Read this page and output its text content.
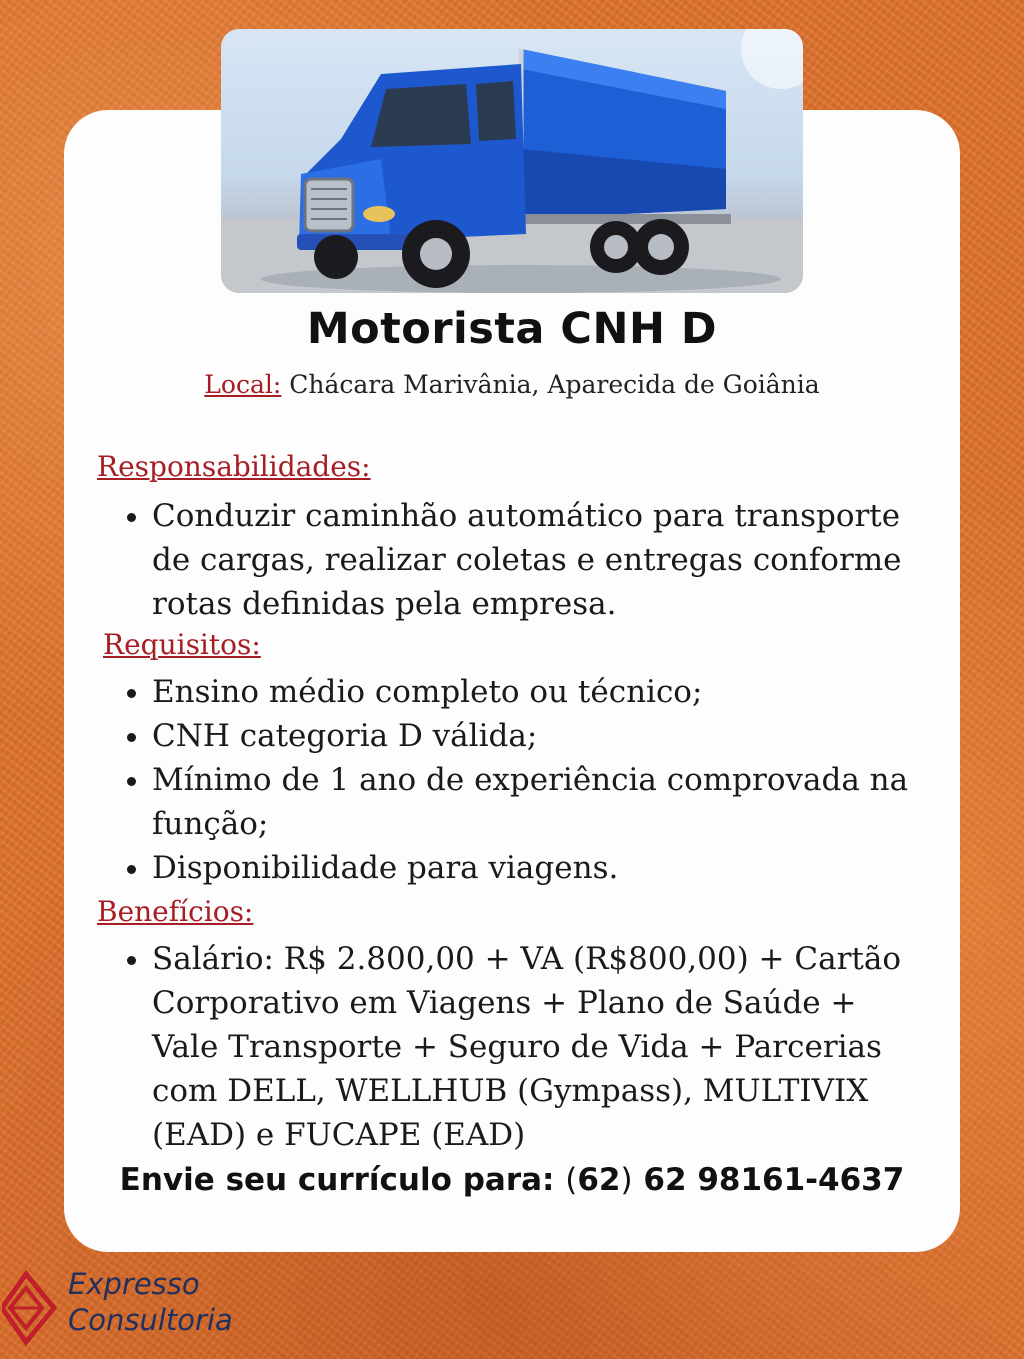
Motorista CNH D
Local: Chácara Marivânia, Aparecida de Goiânia
Responsabilidades:
• Conduzir caminhão automático para transporte de cargas, realizar coletas e entregas conforme rotas definidas pela empresa.
Requisitos:
• Ensino médio completo ou técnico;
• CNH categoria D válida;
• Mínimo de 1 ano de experiência comprovada na função;
• Disponibilidade para viagens.
Benefícios:
• Salário: R$ 2.800,00 + VA (R$800,00) + Cartão Corporativo em Viagens + Plano de Saúde + Vale Transporte + Seguro de Vida + Parcerias com DELL, WELLHUB (Gympass), MULTIVIX (EAD) e FUCAPE (EAD)
Envie seu currículo para: (62) 62 98161-4637
Expresso
Consultoria
